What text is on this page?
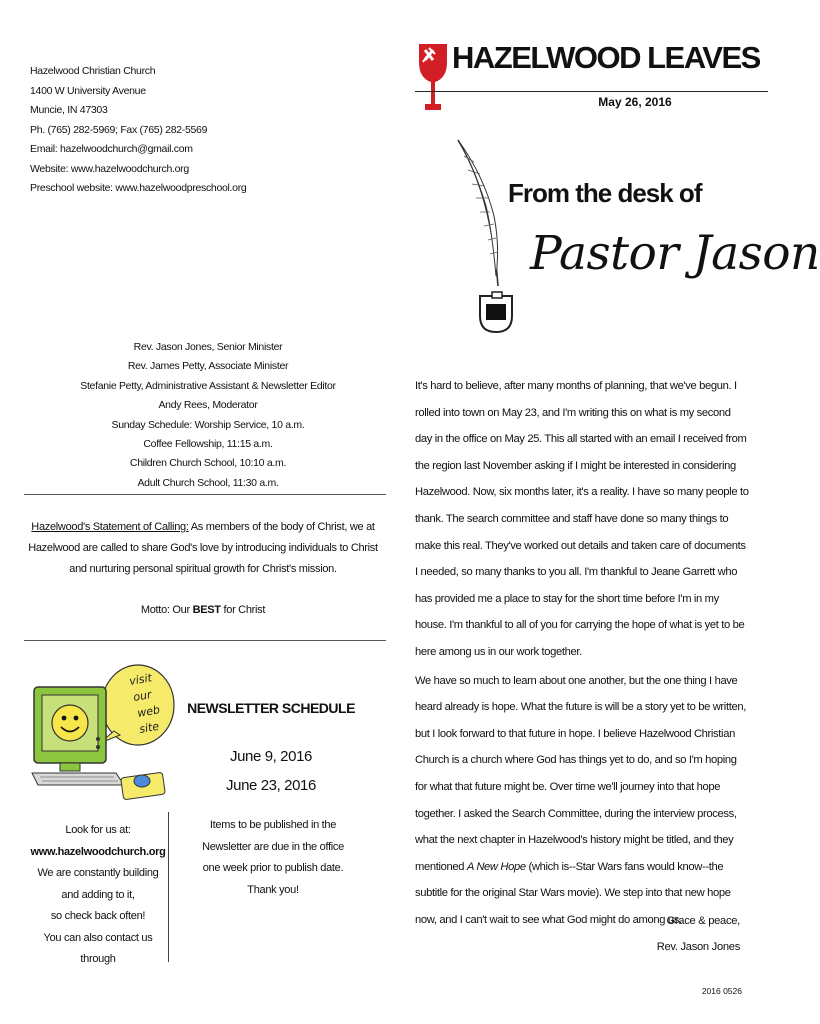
Hazelwood Christian Church
1400 W University Avenue
Muncie, IN 47303
Ph. (765) 282-5969; Fax (765) 282-5569
Email: hazelwoodchurch@gmail.com
Website: www.hazelwoodchurch.org
Preschool website: www.hazelwoodpreschool.org
HAZELWOOD LEAVES
May 26, 2016
From the desk of
Pastor Jason
Rev. Jason Jones, Senior Minister
Rev. James Petty, Associate Minister
Stefanie Petty, Administrative Assistant & Newsletter Editor
Andy Rees, Moderator
Sunday Schedule: Worship Service, 10 a.m.
Coffee Fellowship, 11:15 a.m.
Children Church School, 10:10 a.m.
Adult Church School, 11:30 a.m.
Hazelwood's Statement of Calling: As members of the body of Christ, we at Hazelwood are called to share God's love by introducing individuals to Christ and nurturing personal spiritual growth for Christ's mission.
Motto: Our BEST for Christ
visit
our
web
site
Look for us at:
www.hazelwoodchurch.org
We are constantly building and adding to it,
so check back often!
You can also contact us through
NEWSLETTER SCHEDULE
June 9, 2016
June 23, 2016
Items to be published in the Newsletter are due in the office one week prior to publish date. Thank you!

It's hard to believe, after many months of planning, that we've begun. I rolled into town on May 23, and I'm writing this on what is my second day in the office on May 25. This all started with an email I received from the region last November asking if I might be interested in considering Hazelwood. Now, six months later, it's a reality. I have so many people to thank. The search committee and staff have done so many things to make this real. They've worked out details and taken care of documents I needed, so many thanks to you all. I'm thankful to Jeane Garrett who has provided me a place to stay for the short time before I'm in my house. I'm thankful to all of you for carrying the hope of what is yet to be here among us in our work together.

We have so much to learn about one another, but the one thing I have heard already is hope. What the future is will be a story yet to be written, but I look forward to that future in hope. I believe Hazelwood Christian Church is a church where God has things yet to do, and so I'm hoping for what that future might be. Over time we'll journey into that hope together. I asked the Search Committee, during the interview process, what the next chapter in Hazelwood's history might be titled, and they mentioned A New Hope (which is--Star Wars fans would know--the subtitle for the original Star Wars movie). We step into that new hope now, and I can't wait to see what God might do among us.

Grace & peace,
Rev. Jason Jones
2016 0526
